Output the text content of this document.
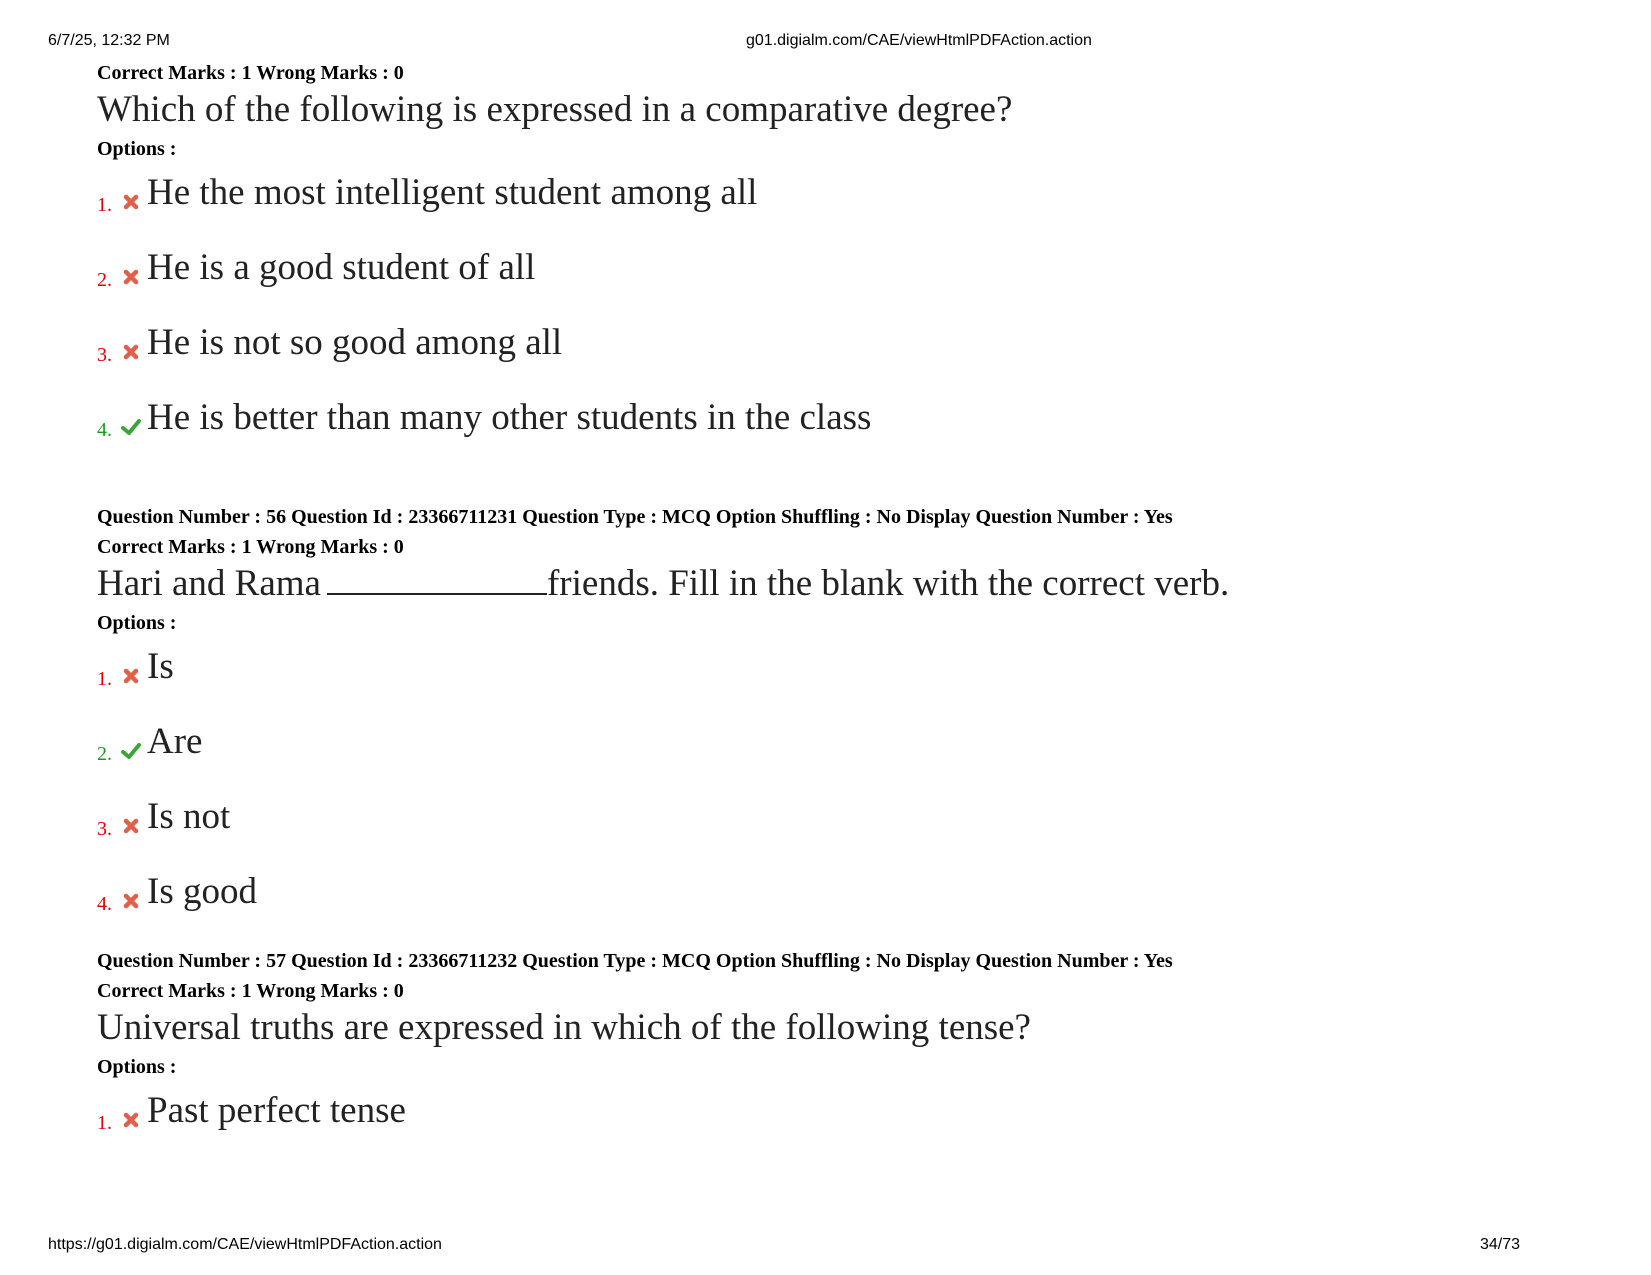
6/7/25, 12:32 PM	g01.digialm.com/CAE/viewHtmlPDFAction.action
Correct Marks : 1 Wrong Marks : 0
Which of the following is expressed in a comparative degree?
Options :
1. He the most intelligent student among all
2. He is a good student of all
3. He is not so good among all
4. He is better than many other students in the class
Question Number : 56 Question Id : 23366711231 Question Type : MCQ Option Shuffling : No Display Question Number : Yes
Correct Marks : 1 Wrong Marks : 0
Hari and Rama	friends. Fill in the blank with the correct verb.
Options :
1. Is
2. Are
3. Is not
4. Is good
Question Number : 57 Question Id : 23366711232 Question Type : MCQ Option Shuffling : No Display Question Number : Yes
Correct Marks : 1 Wrong Marks : 0
Universal truths are expressed in which of the following tense?
Options :
1. Past perfect tense
https://g01.digialm.com/CAE/viewHtmlPDFAction.action	34/73
